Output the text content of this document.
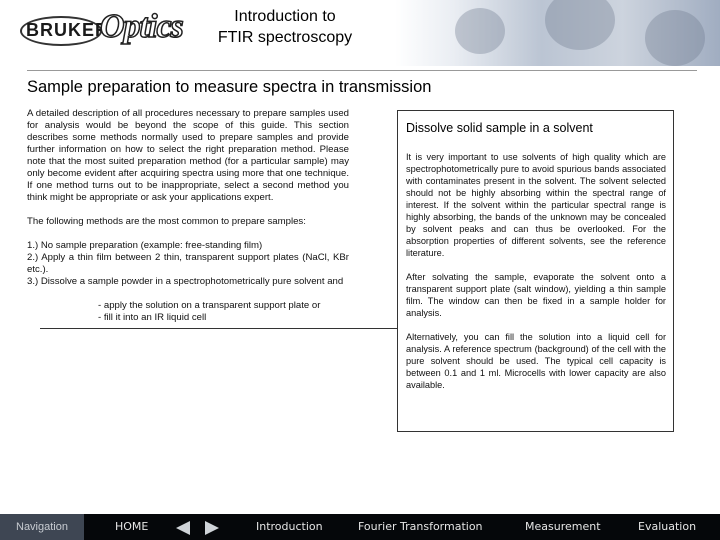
BRUKER
Optics	Introduction to
FTIR spectroscopy
Sample preparation to measure spectra in transmission

A detailed description of all procedures necessary to prepare samples used for analysis would be beyond the scope of this guide. This section describes some methods normally used to prepare samples and provide further information on how to select the right preparation method. Please note that the most suited preparation method (for a particular sample) may only become evident after acquiring spectra using more that one technique. If one method turns out to be inappropriate, select a second method you think might be appropriate or ask your applications expert.

The following methods are the most common to prepare samples:

1.) No sample preparation (example: free-standing film)

2.) Apply a thin film between 2 thin, transparent support plates (NaCl, KBr etc.).

3.) Dissolve a sample powder in a spectrophotometrically pure solvent and

- apply the solution on a transparent support plate or

- fill it into an IR liquid cell

Dissolve solid sample in a solvent

It is very important to use solvents of high quality which are spectrophotometrically pure to avoid spurious bands associated with contaminates present in the solvent. The solvent selected should not be highly absorbing within the spectral range of interest. If the solvent within the particular spectral range is highly absorbing, the bands of the unknown may be concealed by solvent peaks and can thus be overlooked. For the absorption properties of different solvents, see the reference literature.

After solvating the sample, evaporate the solvent onto a transparent support plate (salt window), yielding a thin sample film. The window can then be fixed in a sample holder for analysis.

Alternatively, you can fill the solution into a liquid cell for analysis. A reference spectrum (background) of the cell with the pure solvent should be used. The typical cell capacity is between 0.1 and 1 ml. Microcells with lower capacity are also available.

Navigation	HOME	Introduction	Fourier Transformation	Measurement	Evaluation
